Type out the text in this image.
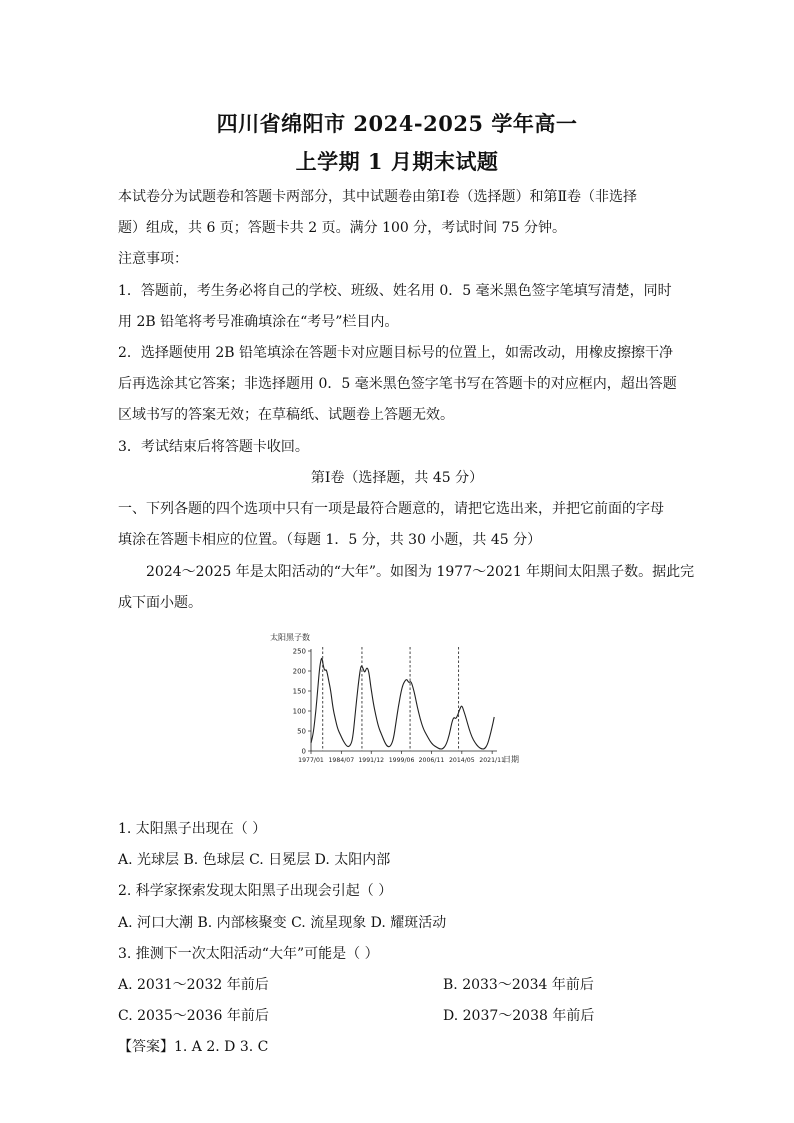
四川省绵阳市 2024-2025 学年高一
上学期 1 月期末试题
本试卷分为试题卷和答题卡两部分，其中试题卷由第Ⅰ卷（选择题）和第Ⅱ卷（非选择
题）组成，共 6 页；答题卡共 2 页。满分 100 分，考试时间 75 分钟。
注意事项：
1．答题前，考生务必将自己的学校、班级、姓名用 0．5 毫米黑色签字笔填写清楚，同时
用 2B 铅笔将考号准确填涂在“考号”栏目内。
2．选择题使用 2B 铅笔填涂在答题卡对应题目标号的位置上，如需改动，用橡皮擦擦干净
后再选涂其它答案；非选择题用 0．5 毫米黑色签字笔书写在答题卡的对应框内，超出答题
区域书写的答案无效；在草稿纸、试题卷上答题无效。
3．考试结束后将答题卡收回。
第Ⅰ卷（选择题，共 45 分）
一、下列各题的四个选项中只有一项是最符合题意的，请把它选出来，并把它前面的字母
填涂在答题卡相应的位置。（每题 1．5 分，共 30 小题，共 45 分）
2024～2025 年是太阳活动的“大年”。如图为 1977～2021 年期间太阳黑子数。据此完
成下面小题。
太阳黑子数
日期
250
200
150
100
50
0
1977/01 1984/07 1991/12 1999/06 2006/11 2014/05 2021/11
1. 太阳黑子出现在（ ）
A. 光球层 B. 色球层 C. 日冕层 D. 太阳内部
2. 科学家探索发现太阳黑子出现会引起（ ）
A. 河口大潮 B. 内部核聚变 C. 流星现象 D. 耀斑活动
3. 推测下一次太阳活动“大年”可能是（ ）
A. 2031～2032 年前后	B. 2033～2034 年前后
C. 2035～2036 年前后	D. 2037～2038 年前后
【答案】1. A 2. D 3. C
